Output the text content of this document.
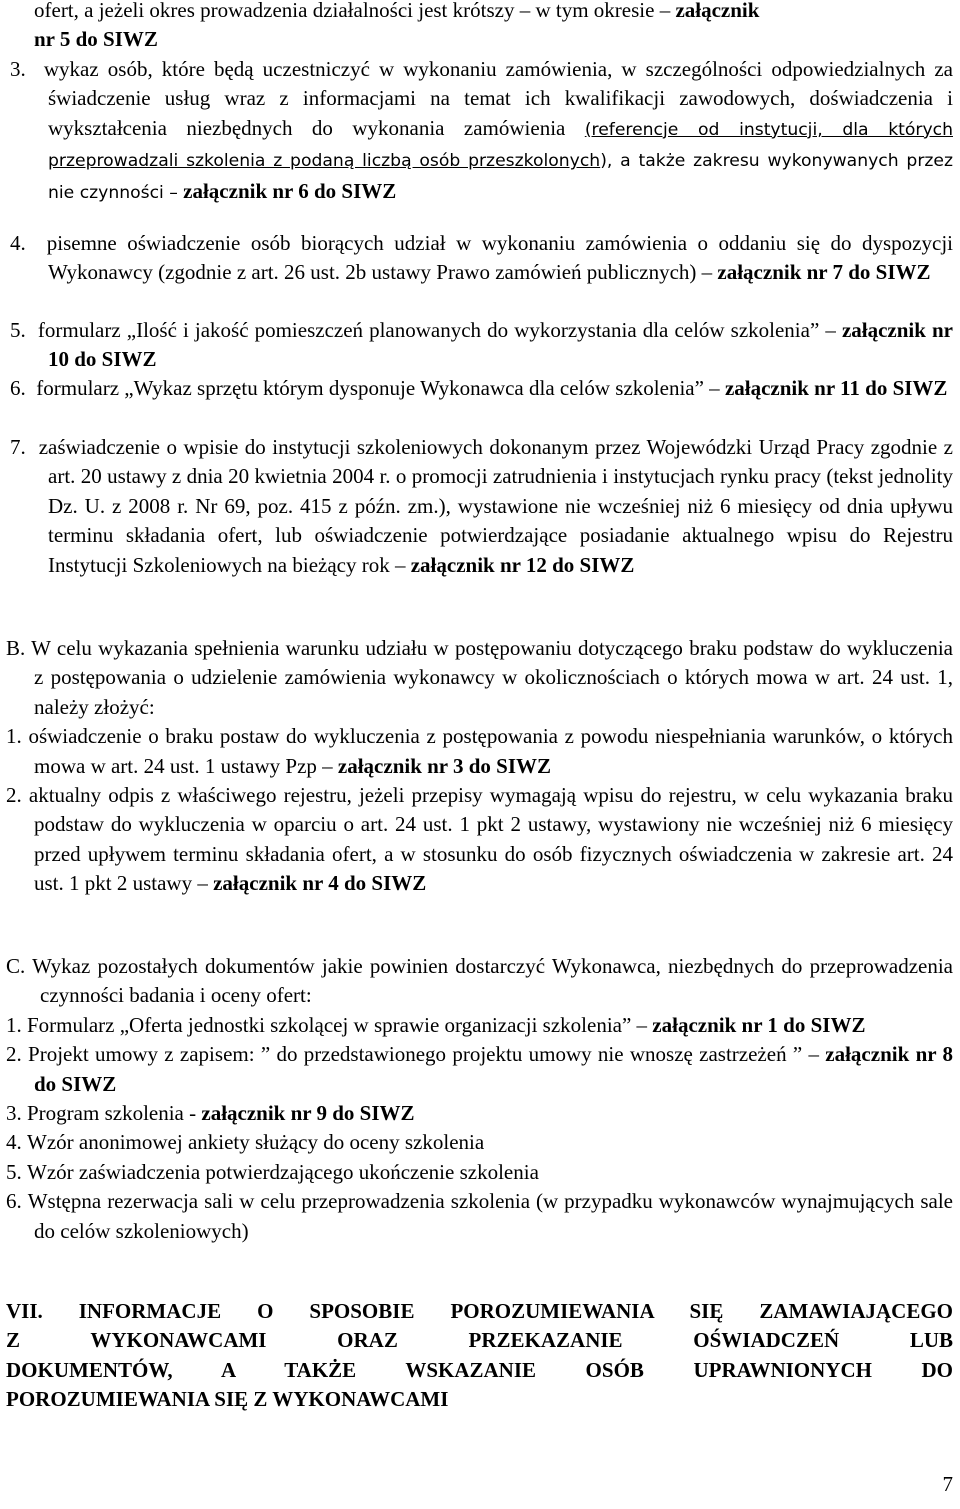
ofert, a jeżeli okres prowadzenia działalności jest krótszy – w tym okresie – załącznik
nr 5 do SIWZ

3. wykaz osób, które będą uczestniczyć w wykonaniu zamówienia, w szczególności odpowiedzialnych za świadczenie usług wraz z informacjami na temat ich kwalifikacji zawodowych, doświadczenia i wykształcenia niezbędnych do wykonania zamówienia (referencje od instytucji, dla których przeprowadzali szkolenia z podaną liczbą osób przeszkolonych), a także zakresu wykonywanych przez nie czynności – załącznik nr 6 do SIWZ

4. pisemne oświadczenie osób biorących udział w wykonaniu zamówienia o oddaniu się do dyspozycji Wykonawcy (zgodnie z art. 26 ust. 2b ustawy Prawo zamówień publicznych) – załącznik nr 7 do SIWZ

5. formularz „Ilość i jakość pomieszczeń planowanych do wykorzystania dla celów szkolenia” – załącznik nr 10 do SIWZ

6. formularz „Wykaz sprzętu którym dysponuje Wykonawca dla celów szkolenia” – załącznik nr 11 do SIWZ

7. zaświadczenie o wpisie do instytucji szkoleniowych dokonanym przez Wojewódzki Urząd Pracy zgodnie z art. 20 ustawy z dnia 20 kwietnia 2004 r. o promocji zatrudnienia i instytucjach rynku pracy (tekst jednolity Dz. U. z 2008 r. Nr 69, poz. 415 z późn. zm.), wystawione nie wcześniej niż 6 miesięcy od dnia upływu terminu składania ofert, lub oświadczenie potwierdzające posiadanie aktualnego wpisu do Rejestru Instytucji Szkoleniowych na bieżący rok – załącznik nr 12 do SIWZ

B. W celu wykazania spełnienia warunku udziału w postępowaniu dotyczącego braku podstaw do wykluczenia z postępowania o udzielenie zamówienia wykonawcy w okolicznościach o których mowa w art. 24 ust. 1, należy złożyć:

1. oświadczenie o braku postaw do wykluczenia z postępowania z powodu niespełniania warunków, o których mowa w art. 24 ust. 1 ustawy Pzp – załącznik nr 3 do SIWZ

2. aktualny odpis z właściwego rejestru, jeżeli przepisy wymagają wpisu do rejestru, w celu wykazania braku podstaw do wykluczenia w oparciu o art. 24 ust. 1 pkt 2 ustawy, wystawiony nie wcześniej niż 6 miesięcy przed upływem terminu składania ofert, a w stosunku do osób fizycznych oświadczenia w zakresie art. 24 ust. 1 pkt 2 ustawy – załącznik nr 4 do SIWZ

C. Wykaz pozostałych dokumentów jakie powinien dostarczyć Wykonawca, niezbędnych do przeprowadzenia czynności badania i oceny ofert:

1. Formularz „Oferta jednostki szkolącej w sprawie organizacji szkolenia” – załącznik nr 1 do SIWZ

2. Projekt umowy z zapisem: ” do przedstawionego projektu umowy nie wnoszę zastrzeżeń ” – załącznik nr 8 do SIWZ

3. Program szkolenia - załącznik nr 9 do SIWZ

4. Wzór anonimowej ankiety służący do oceny szkolenia

5. Wzór zaświadczenia potwierdzającego ukończenie szkolenia

6. Wstępna rezerwacja sali w celu przeprowadzenia szkolenia (w przypadku wykonawców wynajmujących sale do celów szkoleniowych)

VII. INFORMACJE O SPOSOBIE POROZUMIEWANIA SIĘ ZAMAWIAJĄCEGO
Z WYKONAWCAMI ORAZ PRZEKAZANIE OŚWIADCZEŃ LUB
DOKUMENTÓW, A TAKŻE WSKAZANIE OSÓB UPRAWNIONYCH DO
POROZUMIEWANIA SIĘ Z WYKONAWCAMI

7
